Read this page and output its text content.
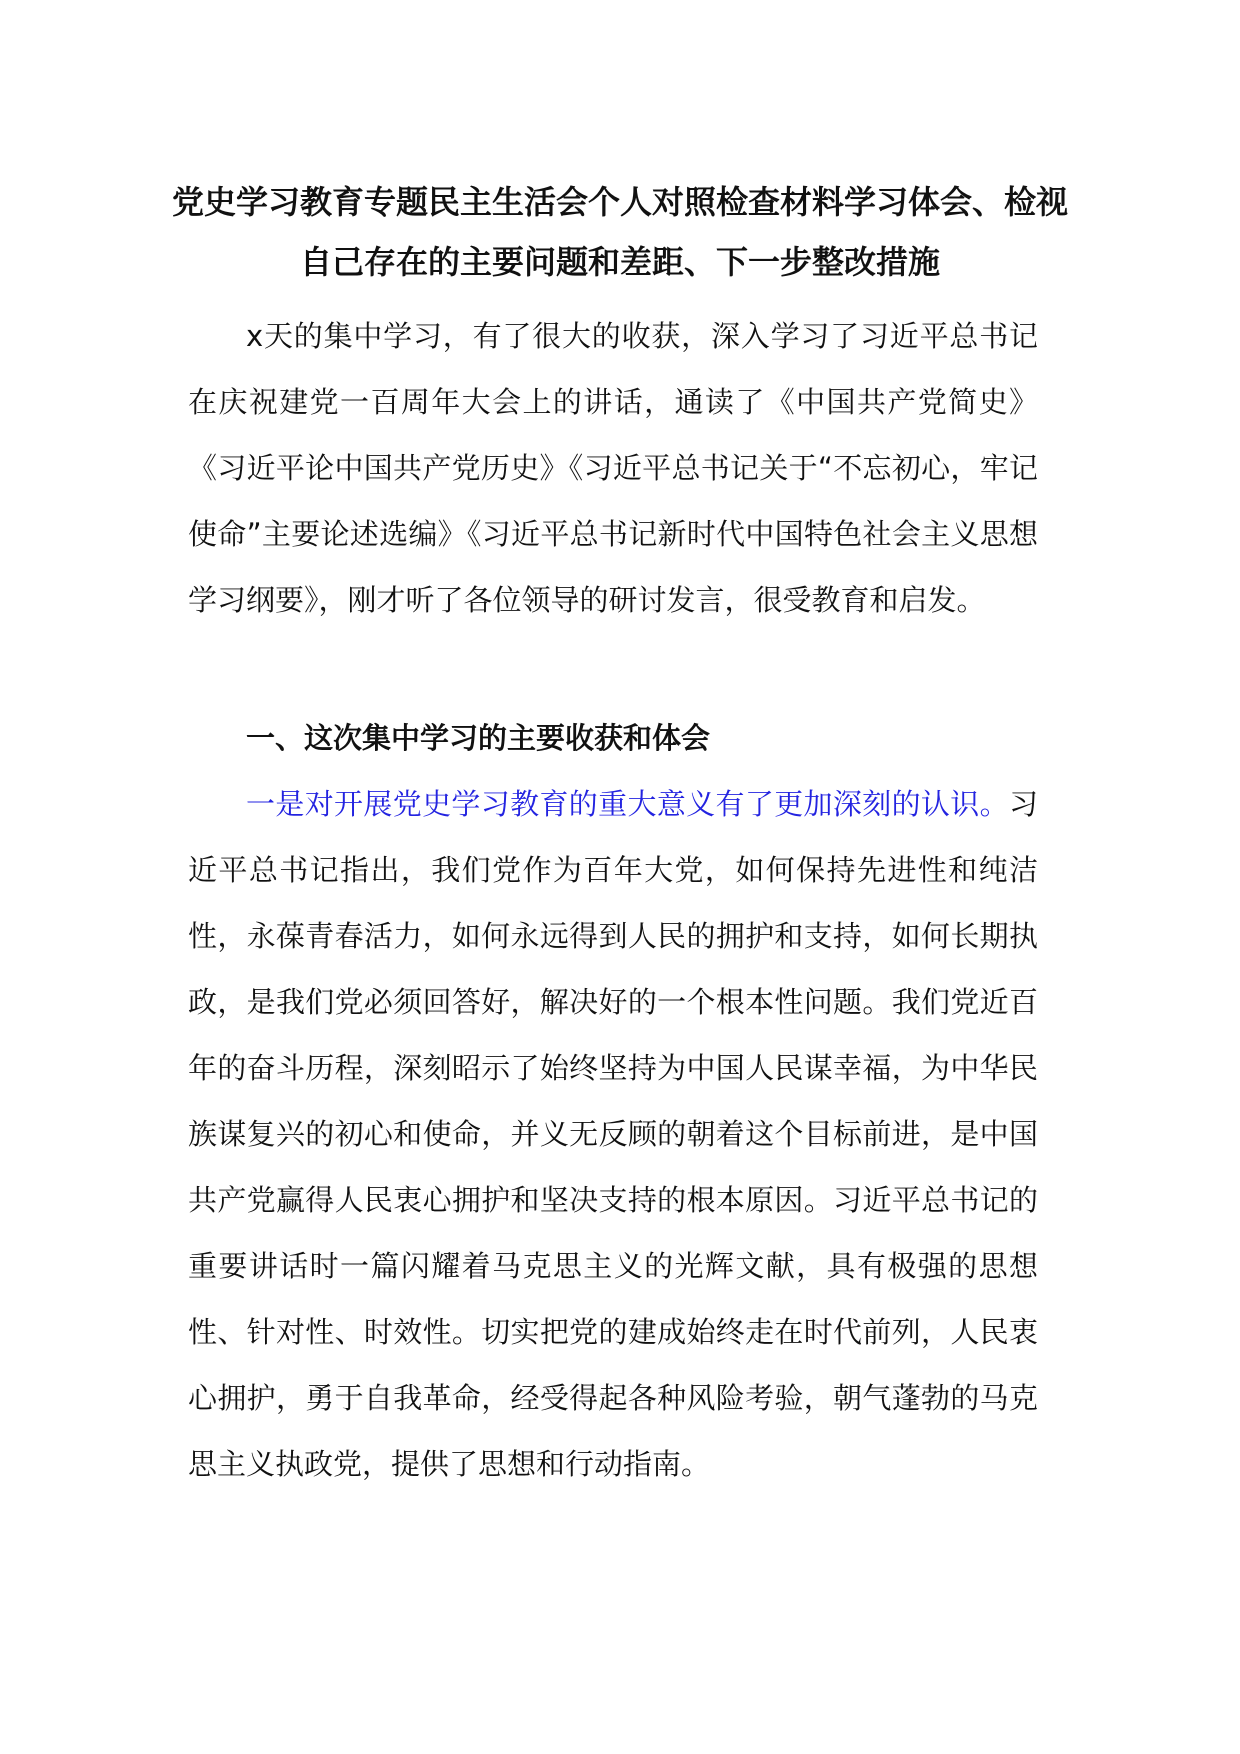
党史学习教育专题民主生活会个人对照检查材料学习体会、检视自己存在的主要问题和差距、下一步整改措施

x天的集中学习，有了很大的收获，深入学习了习近平总书记在庆祝建党一百周年大会上的讲话，通读了《中国共产党简史》《习近平论中国共产党历史》《习近平总书记关于“不忘初心，牢记使命”主要论述选编》《习近平总书记新时代中国特色社会主义思想学习纲要》，刚才听了各位领导的研讨发言，很受教育和启发。

一、这次集中学习的主要收获和体会

一是对开展党史学习教育的重大意义有了更加深刻的认识。习近平总书记指出，我们党作为百年大党，如何保持先进性和纯洁性，永葆青春活力，如何永远得到人民的拥护和支持，如何长期执政，是我们党必须回答好，解决好的一个根本性问题。我们党近百年的奋斗历程，深刻昭示了始终坚持为中国人民谋幸福，为中华民族谋复兴的初心和使命，并义无反顾的朝着这个目标前进，是中国共产党赢得人民衷心拥护和坚决支持的根本原因。习近平总书记的重要讲话时一篇闪耀着马克思主义的光辉文献，具有极强的思想性、针对性、时效性。切实把党的建成始终走在时代前列，人民衷心拥护，勇于自我革命，经受得起各种风险考验，朝气蓬勃的马克思主义执政党，提供了思想和行动指南。
